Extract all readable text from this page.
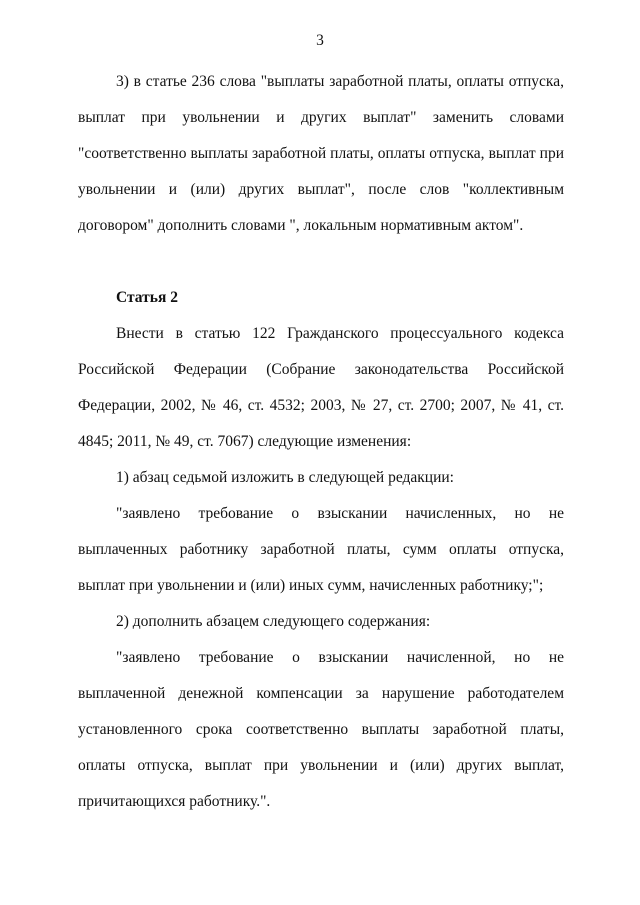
3

3) в статье 236 слова "выплаты заработной платы, оплаты отпуска, выплат при увольнении и других выплат" заменить словами "соответственно выплаты заработной платы, оплаты отпуска, выплат при увольнении и (или) других выплат", после слов "коллективным договором" дополнить словами ", локальным нормативным актом".

Статья 2

Внести в статью 122 Гражданского процессуального кодекса Российской Федерации (Собрание законодательства Российской Федерации, 2002, № 46, ст. 4532; 2003, № 27, ст. 2700; 2007, № 41, ст. 4845; 2011, № 49, ст. 7067) следующие изменения:

1) абзац седьмой изложить в следующей редакции:

"заявлено требование о взыскании начисленных, но не выплаченных работнику заработной платы, сумм оплаты отпуска, выплат при увольнении и (или) иных сумм, начисленных работнику;";

2) дополнить абзацем следующего содержания:

"заявлено требование о взыскании начисленной, но не выплаченной денежной компенсации за нарушение работодателем установленного срока соответственно выплаты заработной платы, оплаты отпуска, выплат при увольнении и (или) других выплат, причитающихся работнику.".
